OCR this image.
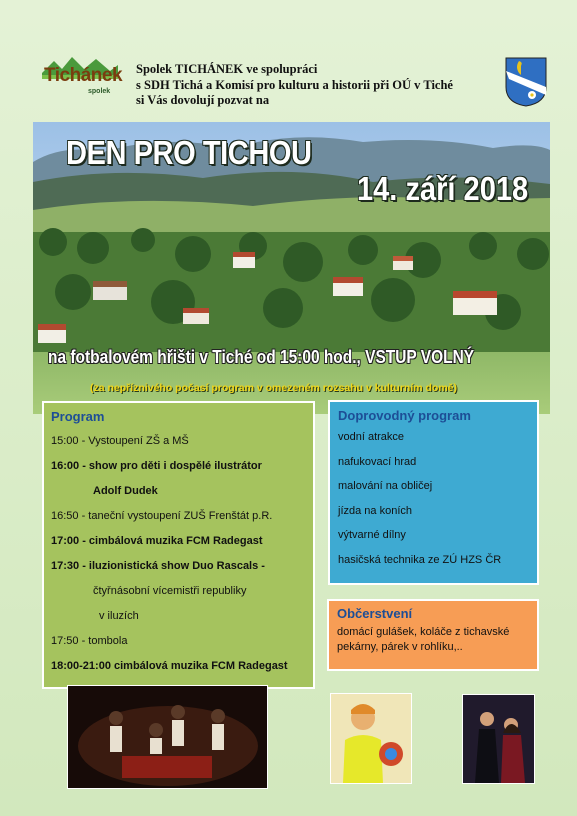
Tichánek
spolek
Spolek TICHÁNEK ve spolupráci
s SDH Tichá a Komisí pro kulturu a historii při OÚ v Tiché
si Vás dovolují pozvat na
DEN PRO TICHOU
14. září 2018
na fotbalovém hřišti v Tiché od 15:00 hod., VSTUP VOLNÝ
(za nepříznivého počasí program v omezeném rozsahu v kulturním domě)
Program
15:00 - Vystoupení ZŠ a MŠ
16:00 - show pro děti i dospělé ilustrátor
Adolf Dudek
16:50 - taneční vystoupení ZUŠ Frenštát p.R.
17:00 - cimbálová muzika FCM Radegast
17:30 - iluzionistická show Duo Rascals -
čtyřnásobní vícemistři republiky
v iluzích
17:50 - tombola
18:00-21:00 cimbálová muzika FCM Radegast
Doprovodný program
vodní atrakce
nafukovací hrad
malování na obličej
jízda na koních
výtvarné dílny
hasičská technika ze ZÚ HZS ČR
Občerstvení
domácí gulášek, koláče z tichavské pekárny, párek v rohlíku,..
